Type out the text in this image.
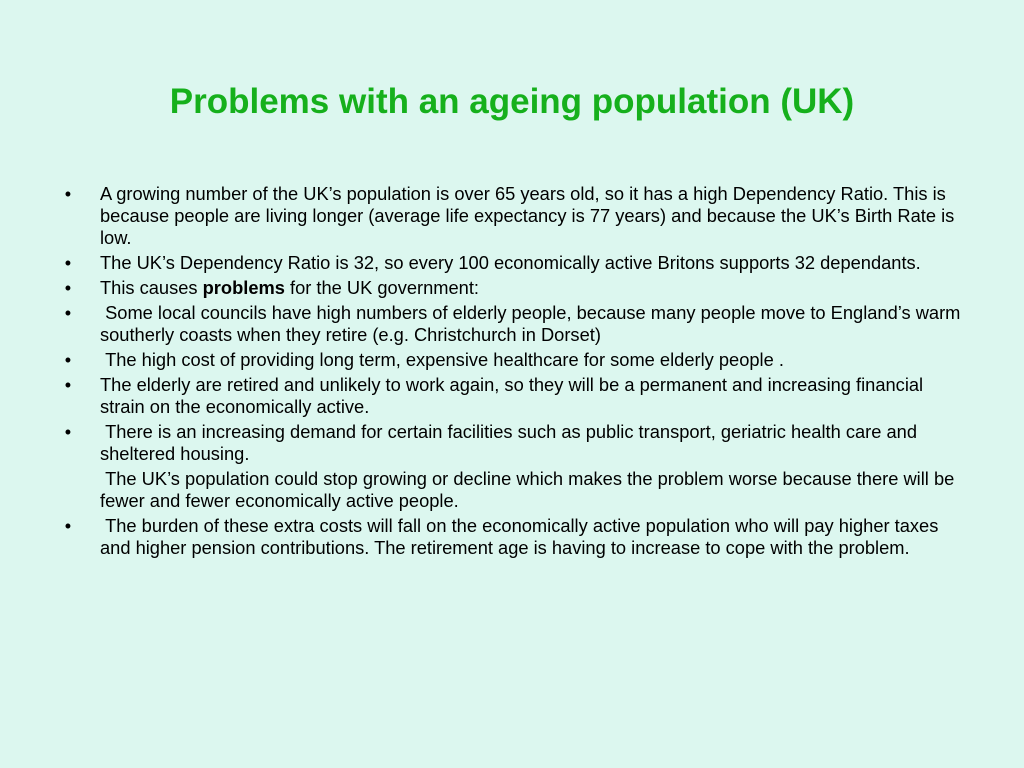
Problems with an ageing population (UK)
•	A growing number of the UK’s population is over 65 years old, so it has a high Dependency Ratio. This is because people are living longer (average life expectancy is 77 years) and because the UK’s Birth Rate is low.
•	The UK’s Dependency Ratio is 32, so every 100 economically active Britons supports 32 dependants.
•	This causes problems for the UK government:
•	Some local councils have high numbers of elderly people, because many people move to England’s warm southerly coasts when they retire (e.g. Christchurch in Dorset)
•	The high cost of providing long term, expensive healthcare for some elderly people .
•	The elderly are retired and unlikely to work again, so they will be a permanent and increasing financial strain on the economically active.
•	There is an increasing demand for certain facilities such as public transport, geriatric health care and sheltered housing.
The UK’s population could stop growing or decline which makes the problem worse because there will be fewer and fewer economically active people.
•	The burden of these extra costs will fall on the economically active population who will pay higher taxes and higher pension contributions. The retirement age is having to increase to cope with the problem.
